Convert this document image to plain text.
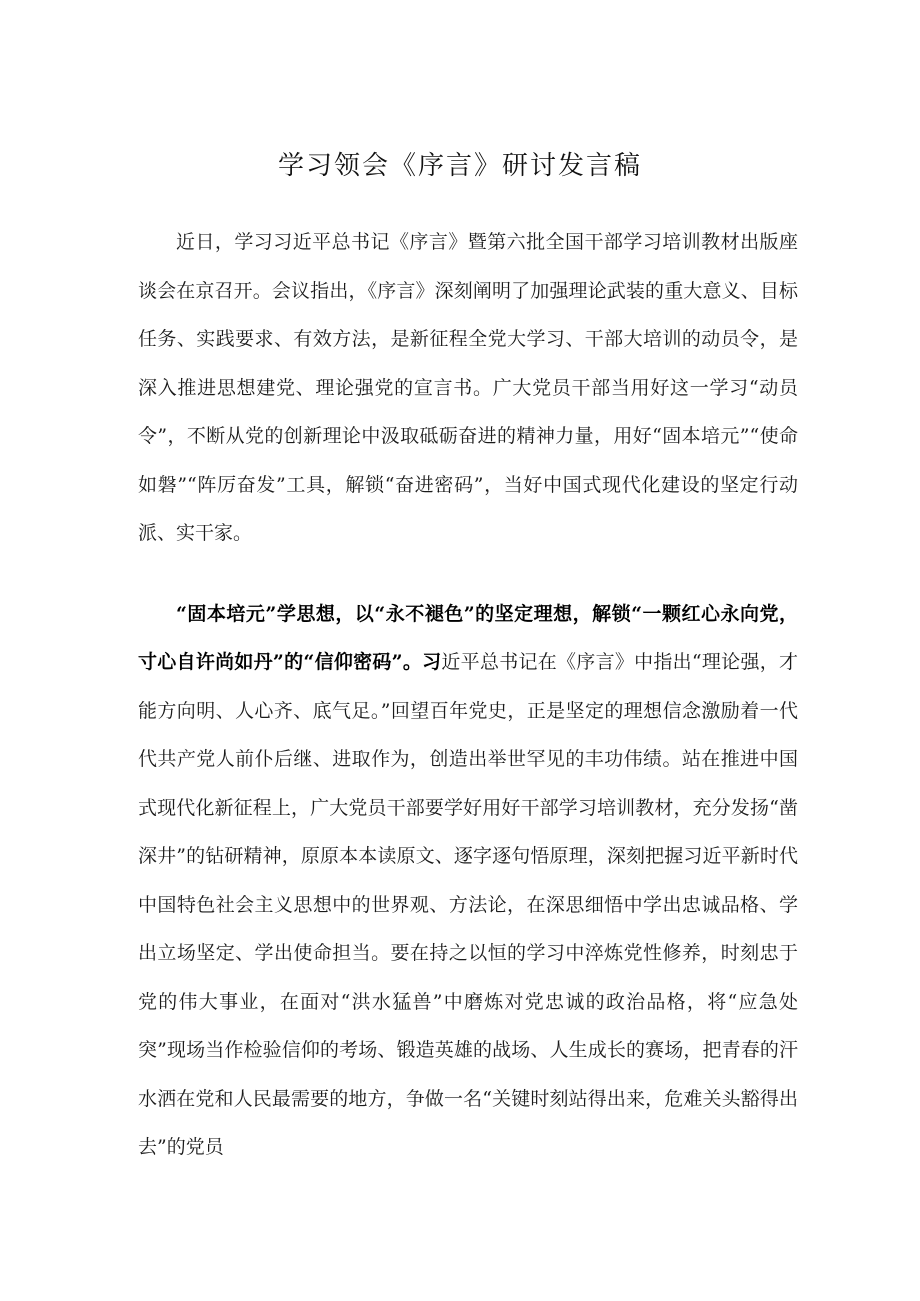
学习领会《序言》研讨发言稿

近日，学习习近平总书记《序言》暨第六批全国干部学习培训教材出版座谈会在京召开。会议指出，《序言》深刻阐明了加强理论武装的重大意义、目标任务、实践要求、有效方法，是新征程全党大学习、干部大培训的动员令，是深入推进思想建党、理论强党的宣言书。广大党员干部当用好这一学习“动员令”，不断从党的创新理论中汲取砥砺奋进的精神力量，用好“固本培元”“使命如磐”“阵厉奋发”工具，解锁“奋进密码”，当好中国式现代化建设的坚定行动派、实干家。

“固本培元”学思想，以“永不褪色”的坚定理想，解锁“一颗红心永向党，寸心自许尚如丹”的“信仰密码”。习近平总书记在《序言》中指出“理论强，才能方向明、人心齐、底气足。”回望百年党史，正是坚定的理想信念激励着一代代共产党人前仆后继、进取作为，创造出举世罕见的丰功伟绩。站在推进中国式现代化新征程上，广大党员干部要学好用好干部学习培训教材，充分发扬“凿深井”的钻研精神，原原本本读原文、逐字逐句悟原理，深刻把握习近平新时代中国特色社会主义思想中的世界观、方法论，在深思细悟中学出忠诚品格、学出立场坚定、学出使命担当。要在持之以恒的学习中淬炼党性修养，时刻忠于党的伟大事业，在面对“洪水猛兽”中磨炼对党忠诚的政治品格，将“应急处突”现场当作检验信仰的考场、锻造英雄的战场、人生成长的赛场，把青春的汗水洒在党和人民最需要的地方，争做一名“关键时刻站得出来，危难关头豁得出去”的党员
